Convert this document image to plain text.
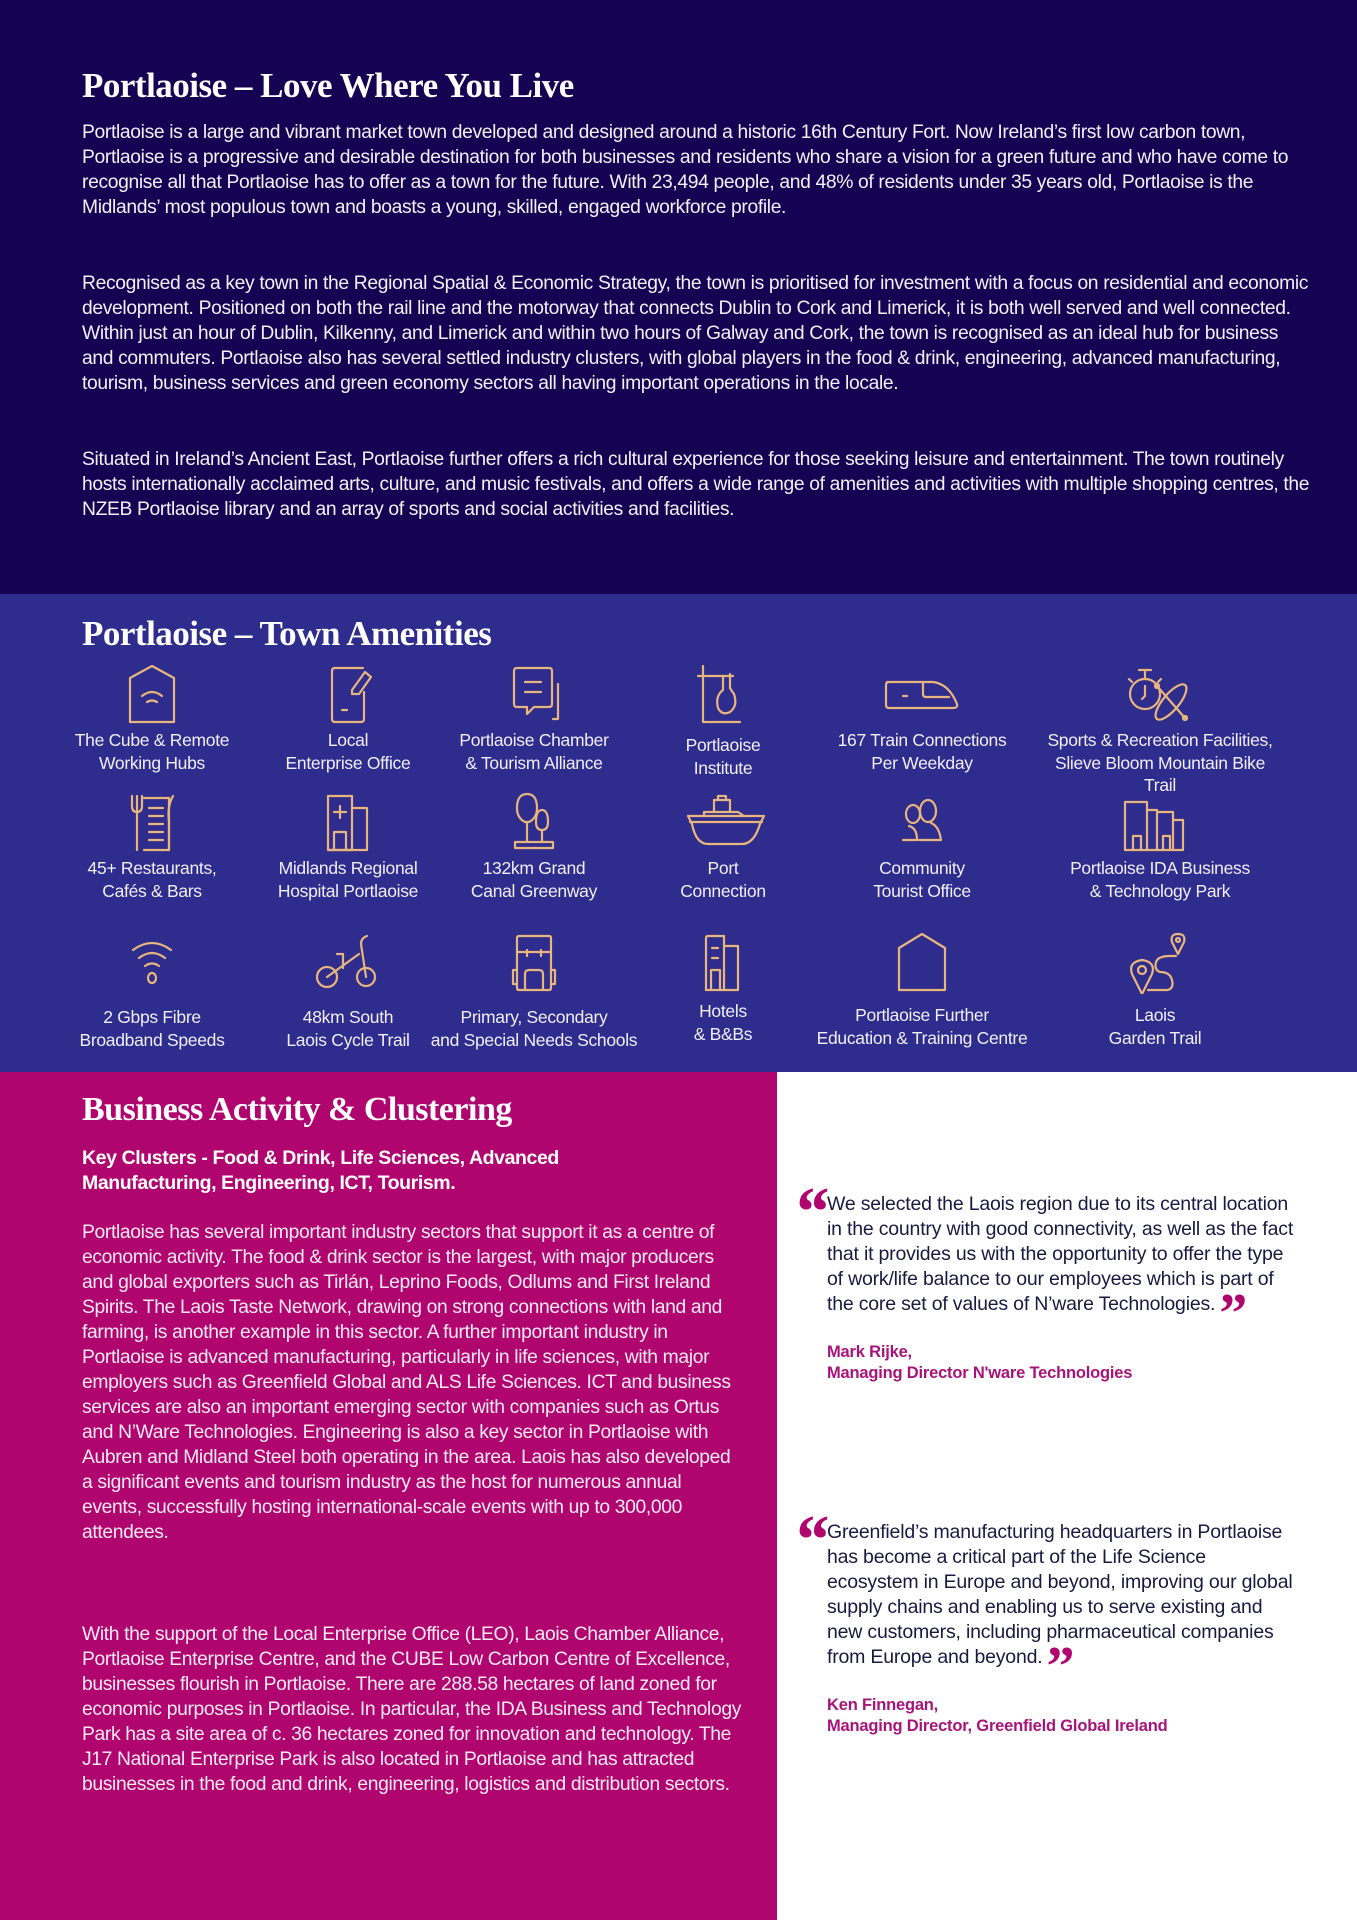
Portlaoise – Love Where You Live

Portlaoise is a large and vibrant market town developed and designed around a historic 16th Century Fort. Now Ireland’s first low carbon town, Portlaoise is a progressive and desirable destination for both businesses and residents who share a vision for a green future and who have come to recognise all that Portlaoise has to offer as a town for the future. With 23,494 people, and 48% of residents under 35 years old, Portlaoise is the Midlands’ most populous town and boasts a young, skilled, engaged workforce profile.

Recognised as a key town in the Regional Spatial & Economic Strategy, the town is prioritised for investment with a focus on residential and economic development. Positioned on both the rail line and the motorway that connects Dublin to Cork and Limerick, it is both well served and well connected. Within just an hour of Dublin, Kilkenny, and Limerick and within two hours of Galway and Cork, the town is recognised as an ideal hub for business and commuters. Portlaoise also has several settled industry clusters, with global players in the food & drink, engineering, advanced manufacturing, tourism, business services and green economy sectors all having important operations in the locale.

Situated in Ireland’s Ancient East, Portlaoise further offers a rich cultural experience for those seeking leisure and entertainment. The town routinely hosts internationally acclaimed arts, culture, and music festivals, and offers a wide range of amenities and activities with multiple shopping centres, the NZEB Portlaoise library and an array of sports and social activities and facilities.

Portlaoise – Town Amenities
The Cube & Remote
Working Hubs
Local
Enterprise Office
Portlaoise Chamber
& Tourism Alliance
Portlaoise
Institute
167 Train Connections
Per Weekday
Sports & Recreation Facilities,
Slieve Bloom Mountain Bike Trail
45+ Restaurants,
Cafés & Bars
Midlands Regional
Hospital Portlaoise
132km Grand
Canal Greenway
Port
Connection
Community
Tourist Office
Portlaoise IDA Business
& Technology Park
2 Gbps Fibre
Broadband Speeds
48km South
Laois Cycle Trail
Primary, Secondary
and Special Needs Schools
Hotels
& B&Bs
Portlaoise Further
Education & Training Centre
Laois
Garden Trail
Business Activity & Clustering

Key Clusters - Food & Drink, Life Sciences, Advanced Manufacturing, Engineering, ICT, Tourism.

Portlaoise has several important industry sectors that support it as a centre of economic activity. The food & drink sector is the largest, with major producers and global exporters such as Tirlán, Leprino Foods, Odlums and First Ireland Spirits. The Laois Taste Network, drawing on strong connections with land and farming, is another example in this sector. A further important industry in Portlaoise is advanced manufacturing, particularly in life sciences, with major employers such as Greenfield Global and ALS Life Sciences. ICT and business services are also an important emerging sector with companies such as Ortus and N’Ware Technologies. Engineering is also a key sector in Portlaoise with Aubren and Midland Steel both operating in the area. Laois has also developed a significant events and tourism industry as the host for numerous annual events, successfully hosting international-scale events with up to 300,000 attendees.

With the support of the Local Enterprise Office (LEO), Laois Chamber Alliance, Portlaoise Enterprise Centre, and the CUBE Low Carbon Centre of Excellence, businesses flourish in Portlaoise. There are 288.58 hectares of land zoned for economic purposes in Portlaoise. In particular, the IDA Business and Technology Park has a site area of c. 36 hectares zoned for innovation and technology. The J17 National Enterprise Park is also located in Portlaoise and has attracted businesses in the food and drink, engineering, logistics and distribution sectors.

“ We selected the Laois region due to its central location in the country with good connectivity, as well as the fact that it provides us with the opportunity to offer the type of work/life balance to our employees which is part of the core set of values of N’ware Technologies.”

Mark Rijke,
Managing Director N'ware Technologies
“ Greenfield’s manufacturing headquarters in Portlaoise has become a critical part of the Life Science ecosystem in Europe and beyond, improving our global supply chains and enabling us to serve existing and new customers, including pharmaceutical companies from Europe and beyond.”

Ken Finnegan,
Managing Director, Greenfield Global Ireland
